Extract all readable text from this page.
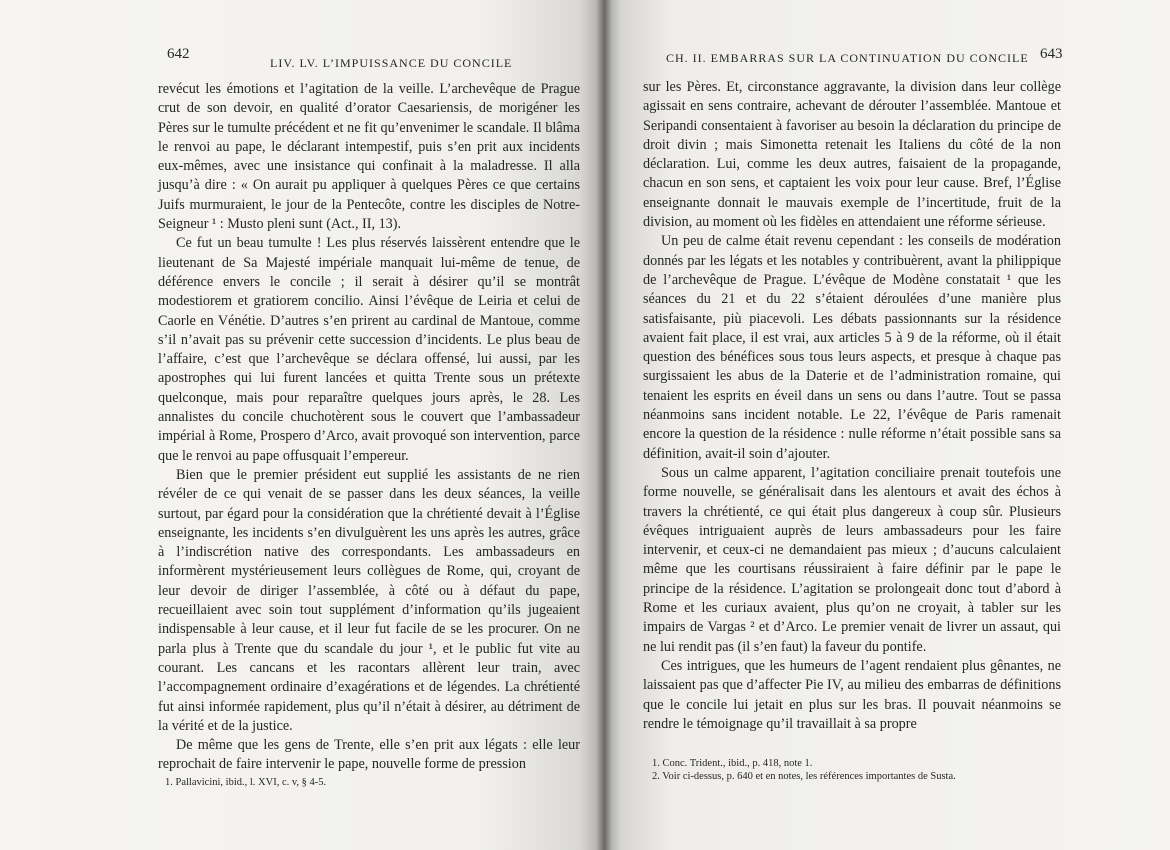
642
LIV. LV. L’IMPUISSANCE DU CONCILE

revécut les émotions et l’agitation de la veille. L’archevêque de Prague crut de son devoir, en qualité d’orator Caesariensis, de morigéner les Pères sur le tumulte précédent et ne fit qu’envenimer le scandale. Il blâma le renvoi au pape, le déclarant intempestif, puis s’en prit aux incidents eux-mêmes, avec une insistance qui confinait à la maladresse. Il alla jusqu’à dire : « On aurait pu appliquer à quelques Pères ce que certains Juifs murmuraient, le jour de la Pentecôte, contre les disciples de Notre-Seigneur ¹ : Musto pleni sunt (Act., II, 13).

Ce fut un beau tumulte ! Les plus réservés laissèrent entendre que le lieutenant de Sa Majesté impériale manquait lui-même de tenue, de déférence envers le concile ; il serait à désirer qu’il se montrât modestiorem et gratiorem concilio. Ainsi l’évêque de Leiria et celui de Caorle en Vénétie. D’autres s’en prirent au cardinal de Mantoue, comme s’il n’avait pas su prévenir cette succession d’incidents. Le plus beau de l’affaire, c’est que l’archevêque se déclara offensé, lui aussi, par les apostrophes qui lui furent lancées et quitta Trente sous un prétexte quelconque, mais pour reparaître quelques jours après, le 28. Les annalistes du concile chuchotèrent sous le couvert que l’ambassadeur impérial à Rome, Prospero d’Arco, avait provoqué son intervention, parce que le renvoi au pape offusquait l’empereur.

Bien que le premier président eut supplié les assistants de ne rien révéler de ce qui venait de se passer dans les deux séances, la veille surtout, par égard pour la considération que la chrétienté devait à l’Église enseignante, les incidents s’en divulguèrent les uns après les autres, grâce à l’indiscrétion native des correspondants. Les ambassadeurs en informèrent mystérieusement leurs collègues de Rome, qui, croyant de leur devoir de diriger l’assemblée, à côté ou à défaut du pape, recueillaient avec soin tout supplément d’information qu’ils jugeaient indispensable à leur cause, et il leur fut facile de se les procurer. On ne parla plus à Trente que du scandale du jour ¹, et le public fut vite au courant. Les cancans et les racontars allèrent leur train, avec l’accompagnement ordinaire d’exagérations et de légendes. La chrétienté fut ainsi informée rapidement, plus qu’il n’était à désirer, au détriment de la vérité et de la justice.

De même que les gens de Trente, elle s’en prit aux légats : elle leur reprochait de faire intervenir le pape, nouvelle forme de pression

1. Pallavicini, ibid., l. XVI, c. v, § 4-5.

643
CH. II. EMBARRAS SUR LA CONTINUATION DU CONCILE

sur les Pères. Et, circonstance aggravante, la division dans leur collège agissait en sens contraire, achevant de dérouter l’assemblée. Mantoue et Seripandi consentaient à favoriser au besoin la déclaration du principe de droit divin ; mais Simonetta retenait les Italiens du côté de la non déclaration. Lui, comme les deux autres, faisaient de la propagande, chacun en son sens, et captaient les voix pour leur cause. Bref, l’Église enseignante donnait le mauvais exemple de l’incertitude, fruit de la division, au moment où les fidèles en attendaient une réforme sérieuse.

Un peu de calme était revenu cependant : les conseils de modération donnés par les légats et les notables y contribuèrent, avant la philippique de l’archevêque de Prague. L’évêque de Modène constatait ¹ que les séances du 21 et du 22 s’étaient déroulées d’une manière plus satisfaisante, più piacevoli. Les débats passionnants sur la résidence avaient fait place, il est vrai, aux articles 5 à 9 de la réforme, où il était question des bénéfices sous tous leurs aspects, et presque à chaque pas surgissaient les abus de la Daterie et de l’administration romaine, qui tenaient les esprits en éveil dans un sens ou dans l’autre. Tout se passa néanmoins sans incident notable. Le 22, l’évêque de Paris ramenait encore la question de la résidence : nulle réforme n’était possible sans sa définition, avait-il soin d’ajouter.

Sous un calme apparent, l’agitation conciliaire prenait toutefois une forme nouvelle, se généralisait dans les alentours et avait des échos à travers la chrétienté, ce qui était plus dangereux à coup sûr. Plusieurs évêques intriguaient auprès de leurs ambassadeurs pour les faire intervenir, et ceux-ci ne demandaient pas mieux ; d’aucuns calculaient même que les courtisans réussiraient à faire définir par le pape le principe de la résidence. L’agitation se prolongeait donc tout d’abord à Rome et les curiaux avaient, plus qu’on ne croyait, à tabler sur les impairs de Vargas ² et d’Arco. Le premier venait de livrer un assaut, qui ne lui rendit pas (il s’en faut) la faveur du pontife.

Ces intrigues, que les humeurs de l’agent rendaient plus gênantes, ne laissaient pas que d’affecter Pie IV, au milieu des embarras de définitions que le concile lui jetait en plus sur les bras. Il pouvait néanmoins se rendre le témoignage qu’il travaillait à sa propre

1. Conc. Trident., ibid., p. 418, note 1.

2. Voir ci-dessus, p. 640 et en notes, les références importantes de Susta.
